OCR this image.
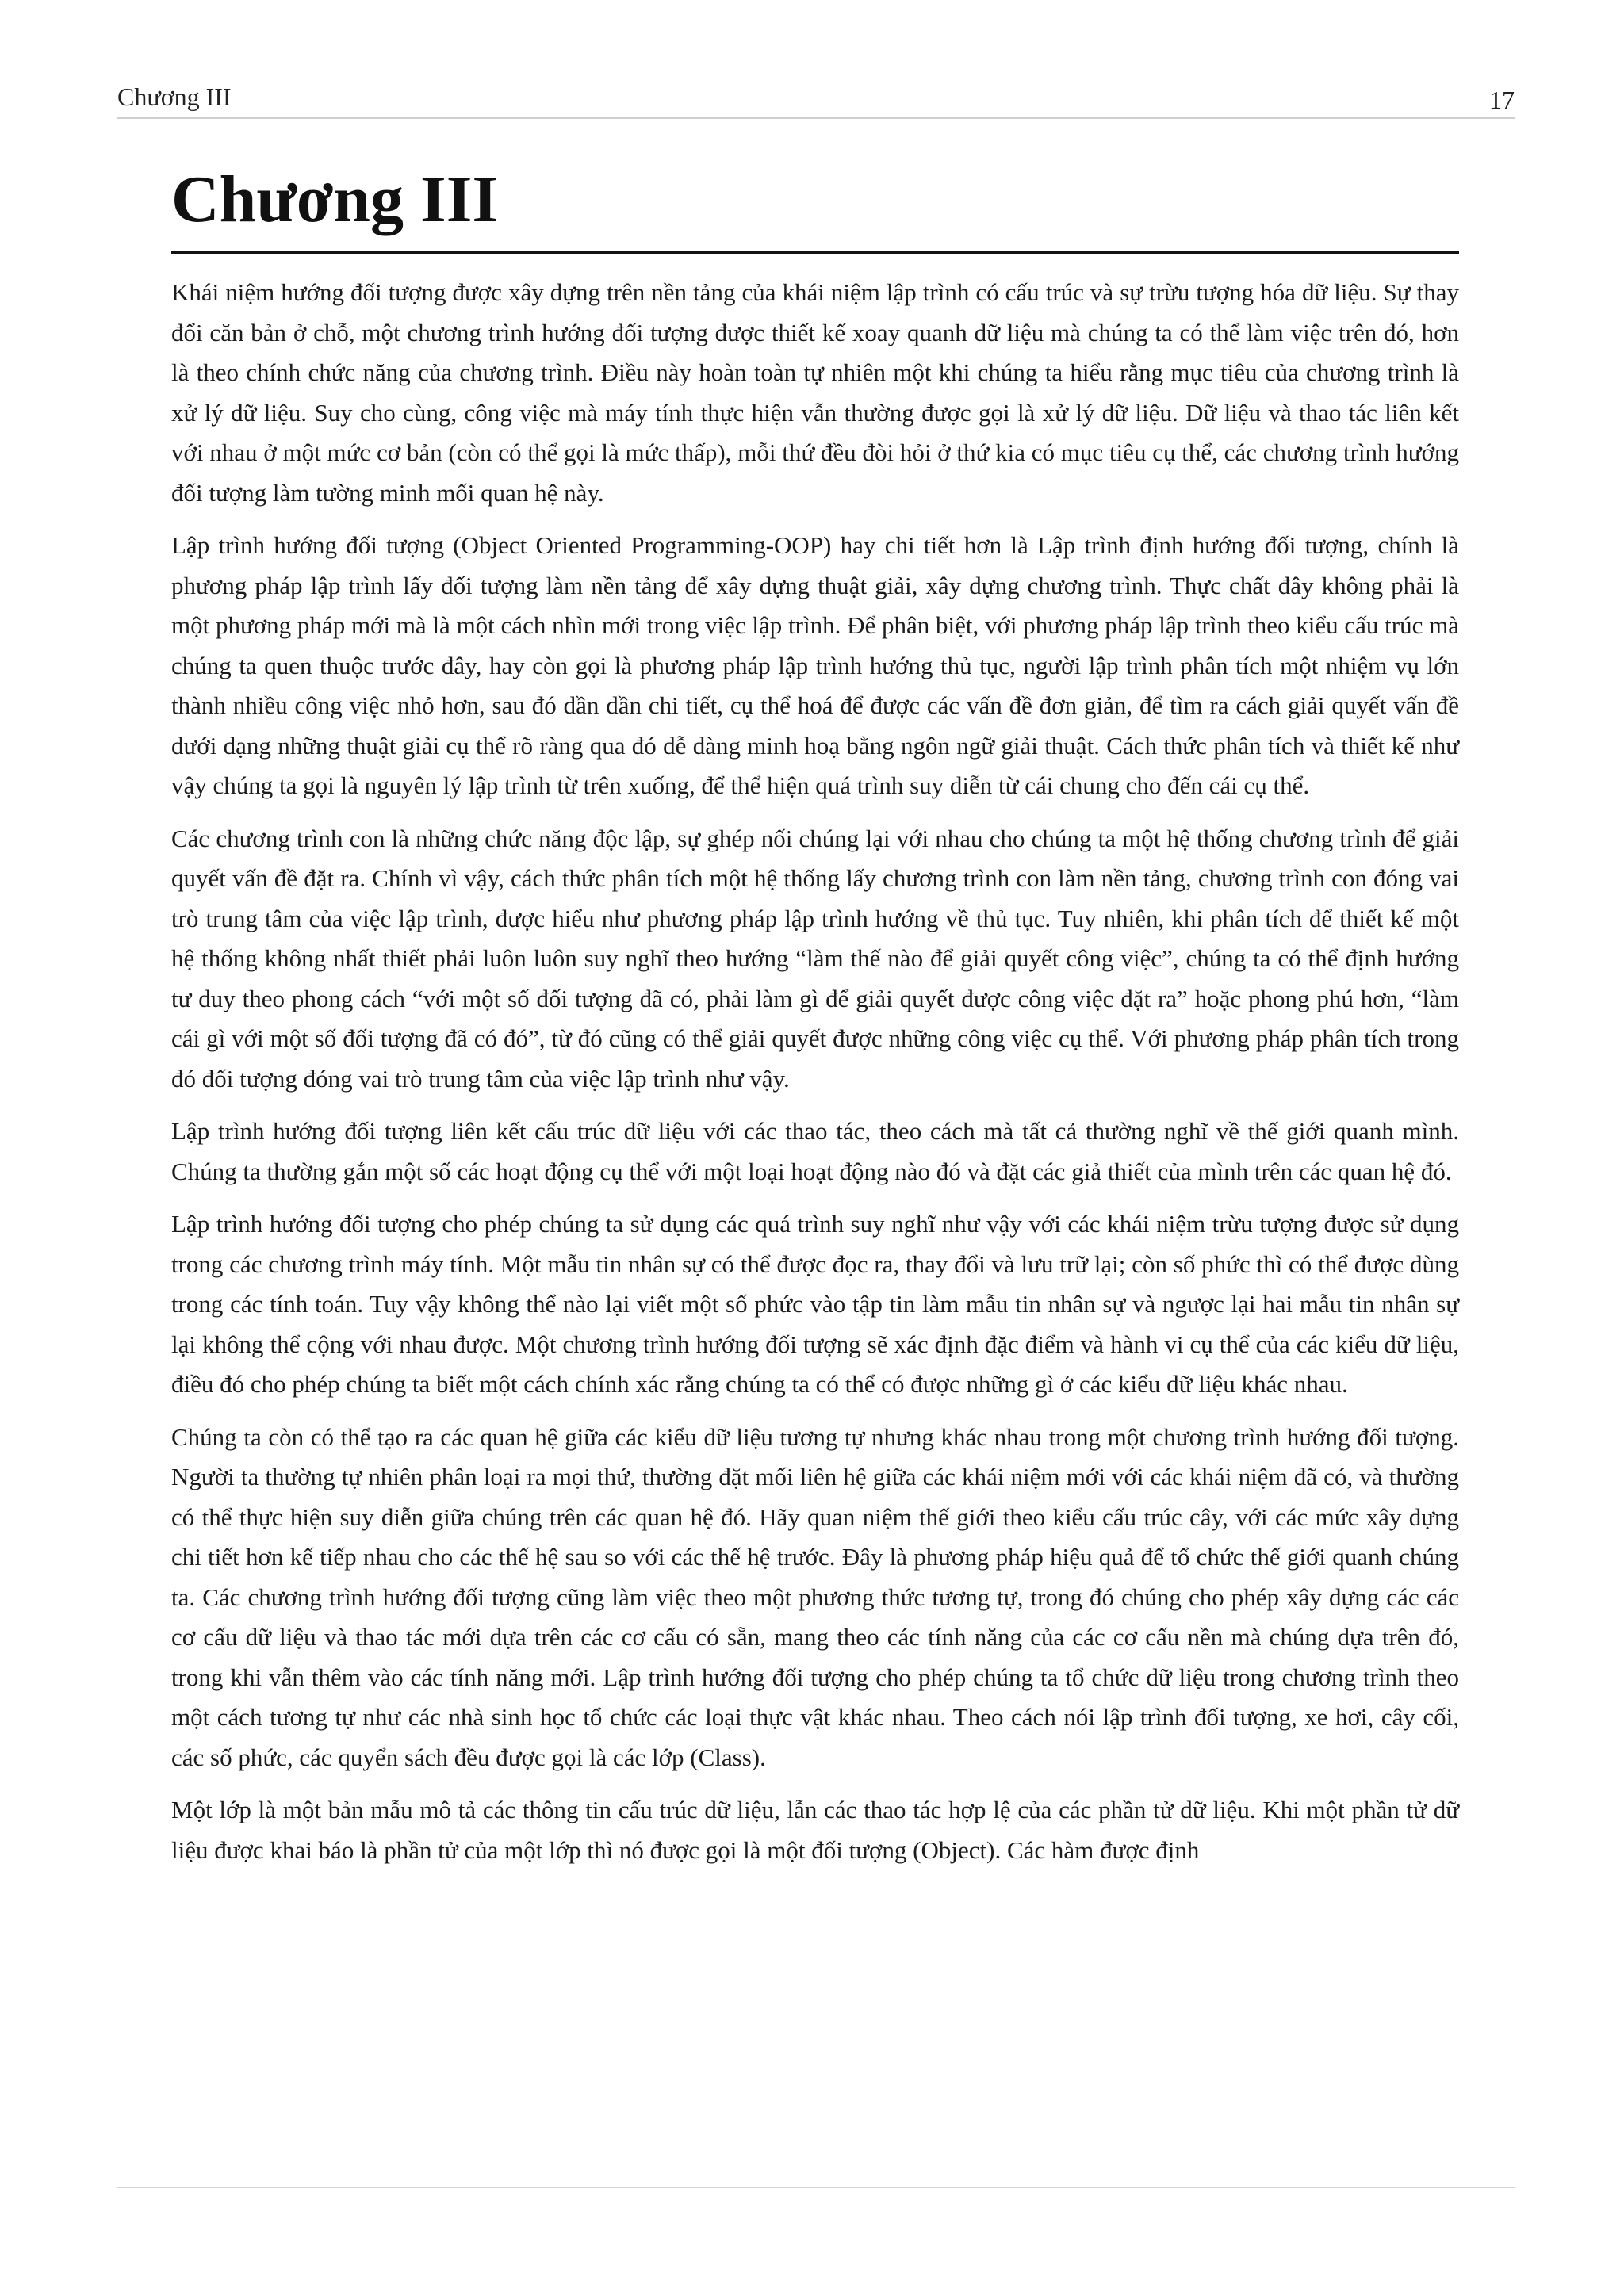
Chương III	17
Chương III

Khái niệm hướng đối tượng được xây dựng trên nền tảng của khái niệm lập trình có cấu trúc và sự trừu tượng hóa dữ liệu. Sự thay đổi căn bản ở chỗ, một chương trình hướng đối tượng được thiết kế xoay quanh dữ liệu mà chúng ta có thể làm việc trên đó, hơn là theo chính chức năng của chương trình. Điều này hoàn toàn tự nhiên một khi chúng ta hiểu rằng mục tiêu của chương trình là xử lý dữ liệu. Suy cho cùng, công việc mà máy tính thực hiện vẫn thường được gọi là xử lý dữ liệu. Dữ liệu và thao tác liên kết với nhau ở một mức cơ bản (còn có thể gọi là mức thấp), mỗi thứ đều đòi hỏi ở thứ kia có mục tiêu cụ thể, các chương trình hướng đối tượng làm tường minh mối quan hệ này.

Lập trình hướng đối tượng (Object Oriented Programming-OOP) hay chi tiết hơn là Lập trình định hướng đối tượng, chính là phương pháp lập trình lấy đối tượng làm nền tảng để xây dựng thuật giải, xây dựng chương trình. Thực chất đây không phải là một phương pháp mới mà là một cách nhìn mới trong việc lập trình. Để phân biệt, với phương pháp lập trình theo kiểu cấu trúc mà chúng ta quen thuộc trước đây, hay còn gọi là phương pháp lập trình hướng thủ tục, người lập trình phân tích một nhiệm vụ lớn thành nhiều công việc nhỏ hơn, sau đó dần dần chi tiết, cụ thể hoá để được các vấn đề đơn giản, để tìm ra cách giải quyết vấn đề dưới dạng những thuật giải cụ thể rõ ràng qua đó dễ dàng minh hoạ bằng ngôn ngữ giải thuật. Cách thức phân tích và thiết kế như vậy chúng ta gọi là nguyên lý lập trình từ trên xuống, để thể hiện quá trình suy diễn từ cái chung cho đến cái cụ thể.

Các chương trình con là những chức năng độc lập, sự ghép nối chúng lại với nhau cho chúng ta một hệ thống chương trình để giải quyết vấn đề đặt ra. Chính vì vậy, cách thức phân tích một hệ thống lấy chương trình con làm nền tảng, chương trình con đóng vai trò trung tâm của việc lập trình, được hiểu như phương pháp lập trình hướng về thủ tục. Tuy nhiên, khi phân tích để thiết kế một hệ thống không nhất thiết phải luôn luôn suy nghĩ theo hướng “làm thế nào để giải quyết công việc”, chúng ta có thể định hướng tư duy theo phong cách “với một số đối tượng đã có, phải làm gì để giải quyết được công việc đặt ra” hoặc phong phú hơn, “làm cái gì với một số đối tượng đã có đó”, từ đó cũng có thể giải quyết được những công việc cụ thể. Với phương pháp phân tích trong đó đối tượng đóng vai trò trung tâm của việc lập trình như vậy.

Lập trình hướng đối tượng liên kết cấu trúc dữ liệu với các thao tác, theo cách mà tất cả thường nghĩ về thế giới quanh mình. Chúng ta thường gắn một số các hoạt động cụ thể với một loại hoạt động nào đó và đặt các giả thiết của mình trên các quan hệ đó.

Lập trình hướng đối tượng cho phép chúng ta sử dụng các quá trình suy nghĩ như vậy với các khái niệm trừu tượng được sử dụng trong các chương trình máy tính. Một mẫu tin nhân sự có thể được đọc ra, thay đổi và lưu trữ lại; còn số phức thì có thể được dùng trong các tính toán. Tuy vậy không thể nào lại viết một số phức vào tập tin làm mẫu tin nhân sự và ngược lại hai mẫu tin nhân sự lại không thể cộng với nhau được. Một chương trình hướng đối tượng sẽ xác định đặc điểm và hành vi cụ thể của các kiểu dữ liệu, điều đó cho phép chúng ta biết một cách chính xác rằng chúng ta có thể có được những gì ở các kiểu dữ liệu khác nhau.

Chúng ta còn có thể tạo ra các quan hệ giữa các kiểu dữ liệu tương tự nhưng khác nhau trong một chương trình hướng đối tượng. Người ta thường tự nhiên phân loại ra mọi thứ, thường đặt mối liên hệ giữa các khái niệm mới với các khái niệm đã có, và thường có thể thực hiện suy diễn giữa chúng trên các quan hệ đó. Hãy quan niệm thế giới theo kiểu cấu trúc cây, với các mức xây dựng chi tiết hơn kế tiếp nhau cho các thế hệ sau so với các thế hệ trước. Đây là phương pháp hiệu quả để tổ chức thế giới quanh chúng ta. Các chương trình hướng đối tượng cũng làm việc theo một phương thức tương tự, trong đó chúng cho phép xây dựng các các cơ cấu dữ liệu và thao tác mới dựa trên các cơ cấu có sẵn, mang theo các tính năng của các cơ cấu nền mà chúng dựa trên đó, trong khi vẫn thêm vào các tính năng mới. Lập trình hướng đối tượng cho phép chúng ta tổ chức dữ liệu trong chương trình theo một cách tương tự như các nhà sinh học tổ chức các loại thực vật khác nhau. Theo cách nói lập trình đối tượng, xe hơi, cây cối, các số phức, các quyển sách đều được gọi là các lớp (Class).

Một lớp là một bản mẫu mô tả các thông tin cấu trúc dữ liệu, lẫn các thao tác hợp lệ của các phần tử dữ liệu. Khi một phần tử dữ liệu được khai báo là phần tử của một lớp thì nó được gọi là một đối tượng (Object). Các hàm được định
